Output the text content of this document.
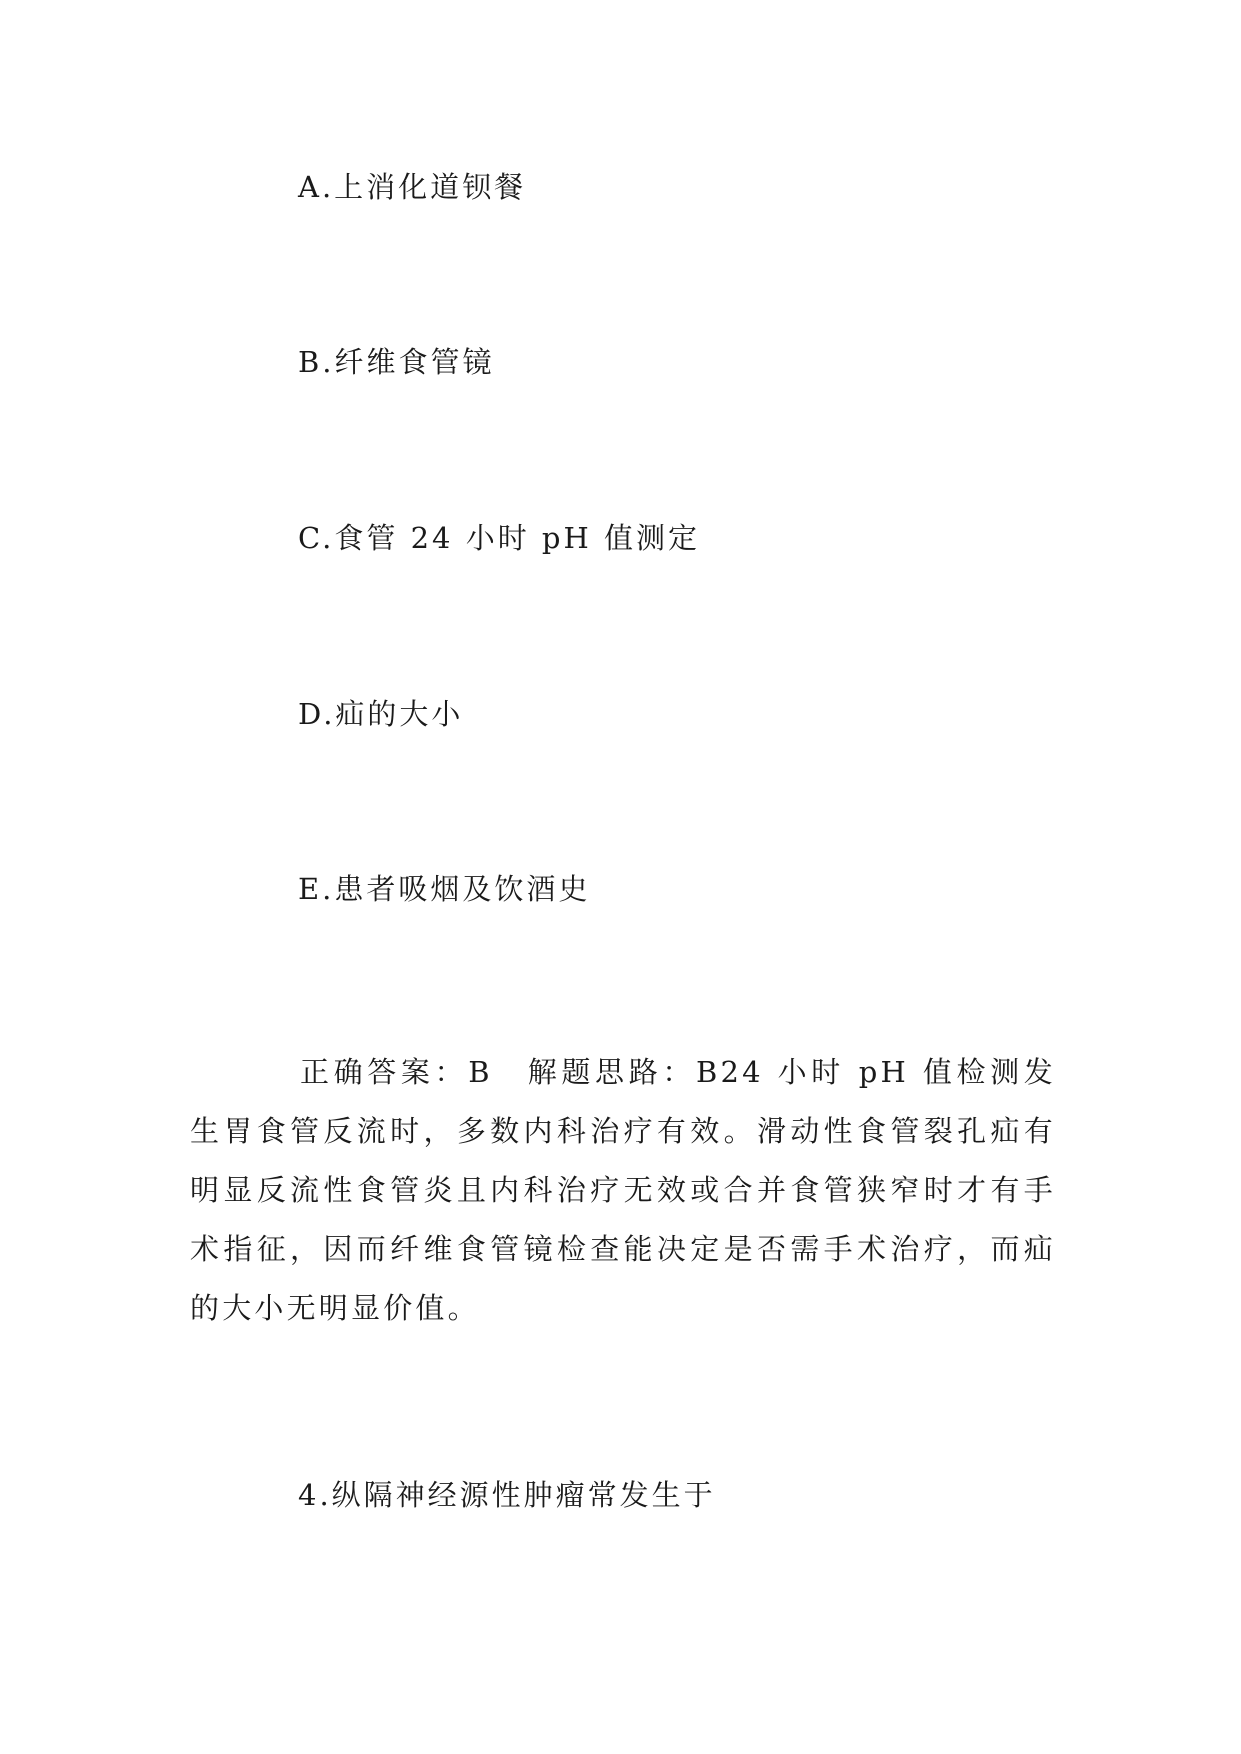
A.上消化道钡餐
B.纤维食管镜
C.食管 24 小时 pH 值测定
D.疝的大小
E.患者吸烟及饮酒史
正确答案：B　解题思路：B24 小时 pH 值检测发生胃食管反流时，多数内科治疗有效。滑动性食管裂孔疝有明显反流性食管炎且内科治疗无效或合并食管狭窄时才有手术指征，因而纤维食管镜检查能决定是否需手术治疗，而疝的大小无明显价值。
4.纵隔神经源性肿瘤常发生于
